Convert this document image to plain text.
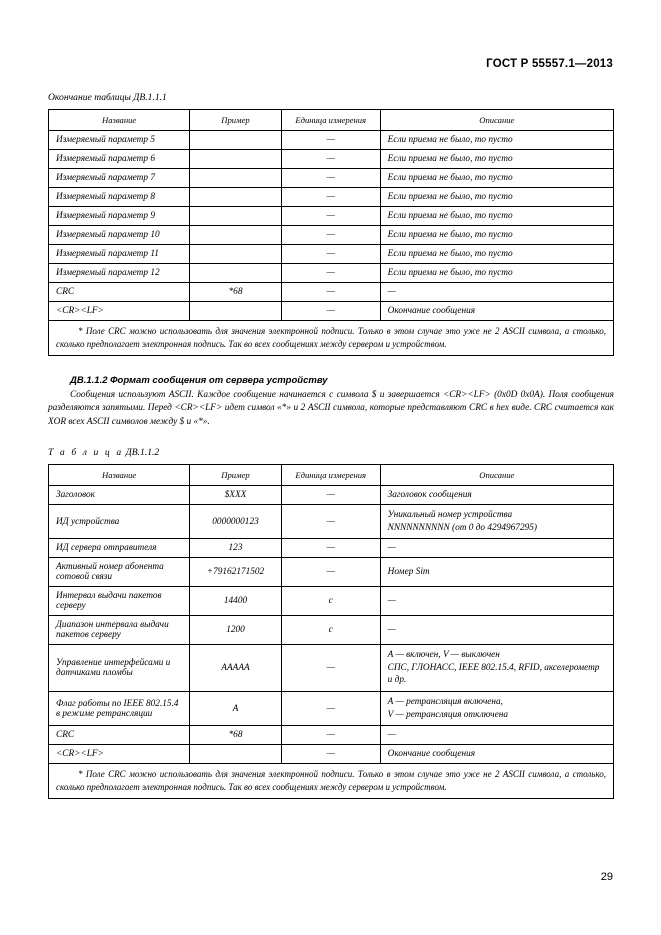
ГОСТ Р 55557.1—2013
Окончание таблицы ДВ.1.1.1
Название	Пример	Единица измерения	Описание
Измеряемый параметр 5		—	Если приема не было, то пусто
Измеряемый параметр 6		—	Если приема не было, то пусто
Измеряемый параметр 7		—	Если приема не было, то пусто
Измеряемый параметр 8		—	Если приема не было, то пусто
Измеряемый параметр 9		—	Если приема не было, то пусто
Измеряемый параметр 10		—	Если приема не было, то пусто
Измеряемый параметр 11		—	Если приема не было, то пусто
Измеряемый параметр 12		—	Если приема не было, то пусто
CRC	*68	—	—
<CR><LF>		—	Окончание сообщения
* Поле CRC можно использовать для значения электронной подписи. Только в этом случае это уже не 2 ASCII символа, а столько, сколько предполагает электронная подпись. Так во всех сообщениях между сервером и устройством.			
ДВ.1.1.2 Формат сообщения от сервера устройству
Сообщения используют ASCII. Каждое сообщение начинается с символа $ и завершается <CR><LF> (0x0D 0x0A). Поля сообщения разделяются запятыми. Перед <CR><LF> идет символ «*» и 2 ASCII символа, которые представляют CRC в hex виде. CRC считается как XOR всех ASCII символов между $ и «*».
Т а б л и ц а ДВ.1.1.2
Название	Пример	Единица измерения	Описание
Заголовок	$XXX	—	Заголовок сообщения
ИД устройства	0000000123	—	Уникальный номер устройства
NNNNNNNNNN (от 0 до 4294967295)

ИД сервера отправителя	123	—	—
Активный номер абонента сотовой связи	+79162171502	—	Номер Sim
Интервал выдачи пакетов серверу	14400	с	—
Диапазон интервала выдачи пакетов серверу	1200	с	—
Управление интерфейсами и датчиками пломбы	ААААА	—	A — включен, V — выключен
СПС, ГЛОНАСС, IEEE 802.15.4, RFID, акселерометр и др.

Флаг работы по IEEE 802.15.4 в режиме ретрансляции	A	—	A — ретрансляция включена,
V — ретрансляция отключена

CRC	*68	—	—
<CR><LF>		—	Окончание сообщения
* Поле CRC можно использовать для значения электронной подписи. Только в этом случае это уже не 2 ASCII символа, а столько, сколько предполагает электронная подпись. Так во всех сообщениях между сервером и устройством.			
29
